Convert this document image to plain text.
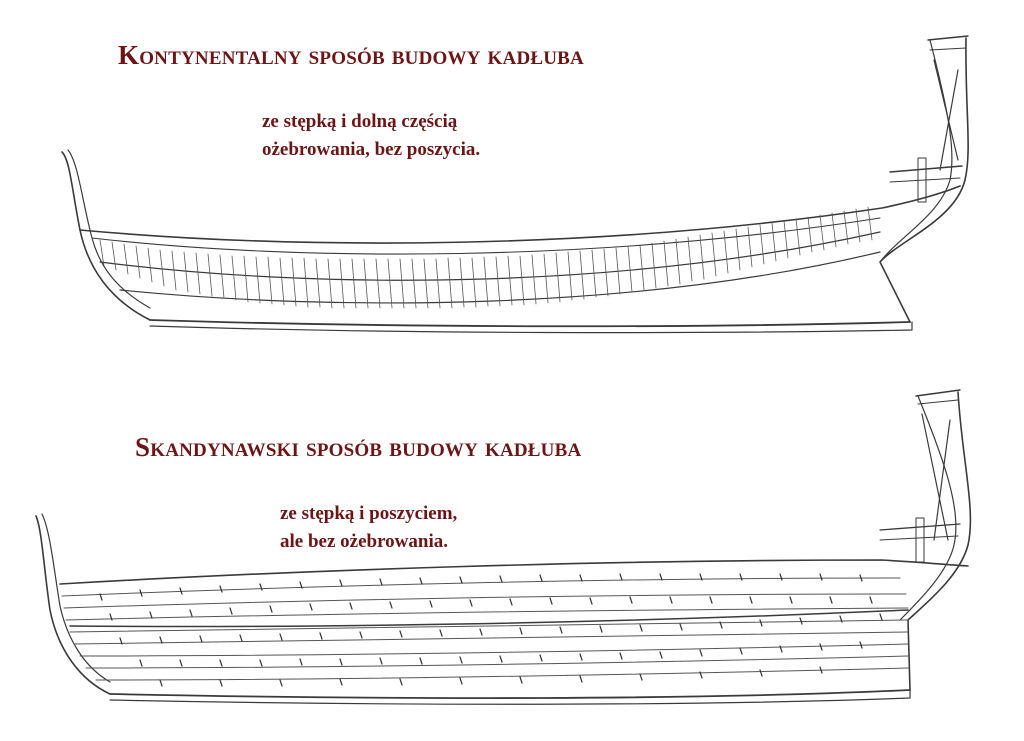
Kontynentalny sposób budowy kadłuba
ze stępką i dolną częścią
ożebrowania, bez poszycia.
Skandynawski sposób budowy kadłuba
ze stępką i poszyciem,
ale bez ożebrowania.
